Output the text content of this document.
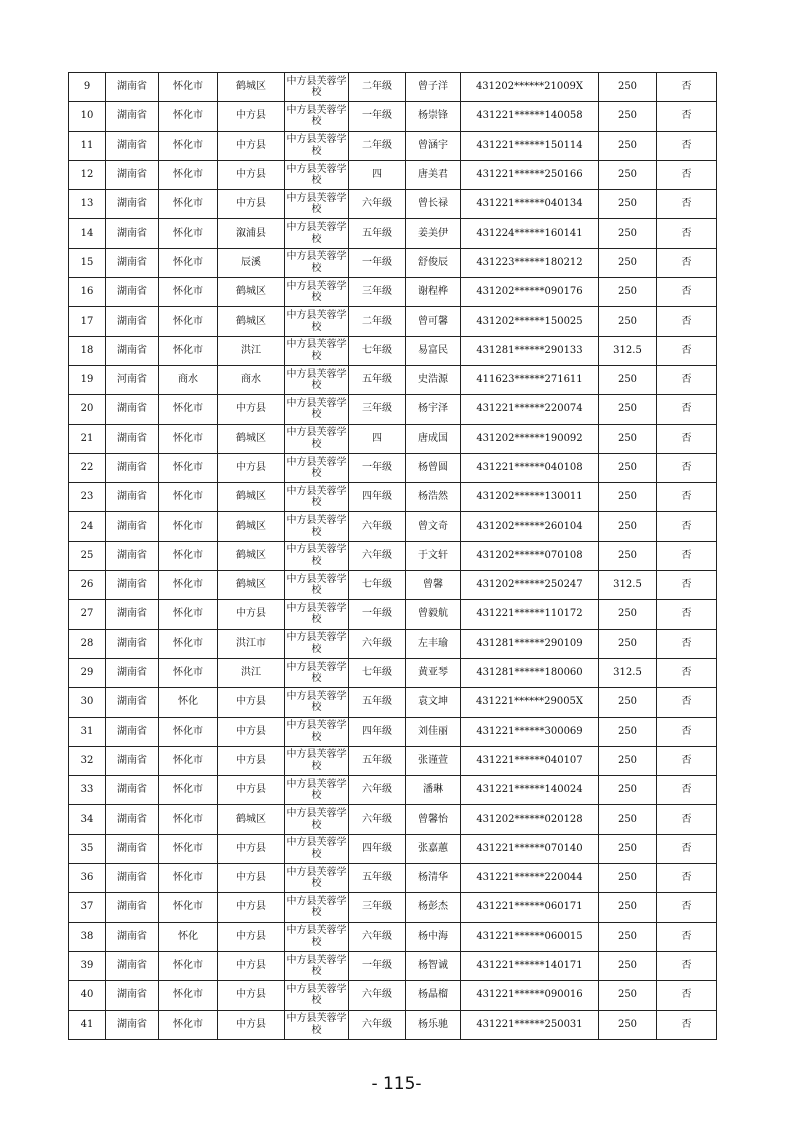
9	湖南省	怀化市	鹤城区	中方县芙蓉学校	二年级	曾子洋	431202******21009X	250	否
10	湖南省	怀化市	中方县	中方县芙蓉学校	一年级	杨崇锋	431221******140058	250	否
11	湖南省	怀化市	中方县	中方县芙蓉学校	二年级	曾涵宇	431221******150114	250	否
12	湖南省	怀化市	中方县	中方县芙蓉学校	四	唐美君	431221******250166	250	否
13	湖南省	怀化市	中方县	中方县芙蓉学校	六年级	曾长禄	431221******040134	250	否
14	湖南省	怀化市	溆浦县	中方县芙蓉学校	五年级	姜美伊	431224******160141	250	否
15	湖南省	怀化市	辰溪	中方县芙蓉学校	一年级	舒俊辰	431223******180212	250	否
16	湖南省	怀化市	鹤城区	中方县芙蓉学校	三年级	谢程桦	431202******090176	250	否
17	湖南省	怀化市	鹤城区	中方县芙蓉学校	二年级	曾可馨	431202******150025	250	否
18	湖南省	怀化市	洪江	中方县芙蓉学校	七年级	易富民	431281******290133	312.5	否
19	河南省	商水	商水	中方县芙蓉学校	五年级	史浩源	411623******271611	250	否
20	湖南省	怀化市	中方县	中方县芙蓉学校	三年级	杨宇泽	431221******220074	250	否
21	湖南省	怀化市	鹤城区	中方县芙蓉学校	四	唐成国	431202******190092	250	否
22	湖南省	怀化市	中方县	中方县芙蓉学校	一年级	杨曾圆	431221******040108	250	否
23	湖南省	怀化市	鹤城区	中方县芙蓉学校	四年级	杨浩然	431202******130011	250	否
24	湖南省	怀化市	鹤城区	中方县芙蓉学校	六年级	曾文奇	431202******260104	250	否
25	湖南省	怀化市	鹤城区	中方县芙蓉学校	六年级	于文轩	431202******070108	250	否
26	湖南省	怀化市	鹤城区	中方县芙蓉学校	七年级	曾馨	431202******250247	312.5	否
27	湖南省	怀化市	中方县	中方县芙蓉学校	一年级	曾毅航	431221******110172	250	否
28	湖南省	怀化市	洪江市	中方县芙蓉学校	六年级	左丰瑜	431281******290109	250	否
29	湖南省	怀化市	洪江	中方县芙蓉学校	七年级	黄亚琴	431281******180060	312.5	否
30	湖南省	怀化	中方县	中方县芙蓉学校	五年级	袁文坤	431221******29005X	250	否
31	湖南省	怀化市	中方县	中方县芙蓉学校	四年级	刘佳丽	431221******300069	250	否
32	湖南省	怀化市	中方县	中方县芙蓉学校	五年级	张谨萱	431221******040107	250	否
33	湖南省	怀化市	中方县	中方县芙蓉学校	六年级	潘琳	431221******140024	250	否
34	湖南省	怀化市	鹤城区	中方县芙蓉学校	六年级	曾馨怡	431202******020128	250	否
35	湖南省	怀化市	中方县	中方县芙蓉学校	四年级	张嘉蕙	431221******070140	250	否
36	湖南省	怀化市	中方县	中方县芙蓉学校	五年级	杨清华	431221******220044	250	否
37	湖南省	怀化市	中方县	中方县芙蓉学校	三年级	杨彭杰	431221******060171	250	否
38	湖南省	怀化	中方县	中方县芙蓉学校	六年级	杨中海	431221******060015	250	否
39	湖南省	怀化市	中方县	中方县芙蓉学校	一年级	杨智诚	431221******140171	250	否
40	湖南省	怀化市	中方县	中方县芙蓉学校	六年级	杨晶榴	431221******090016	250	否
41	湖南省	怀化市	中方县	中方县芙蓉学校	六年级	杨乐驰	431221******250031	250	否
- 115-
